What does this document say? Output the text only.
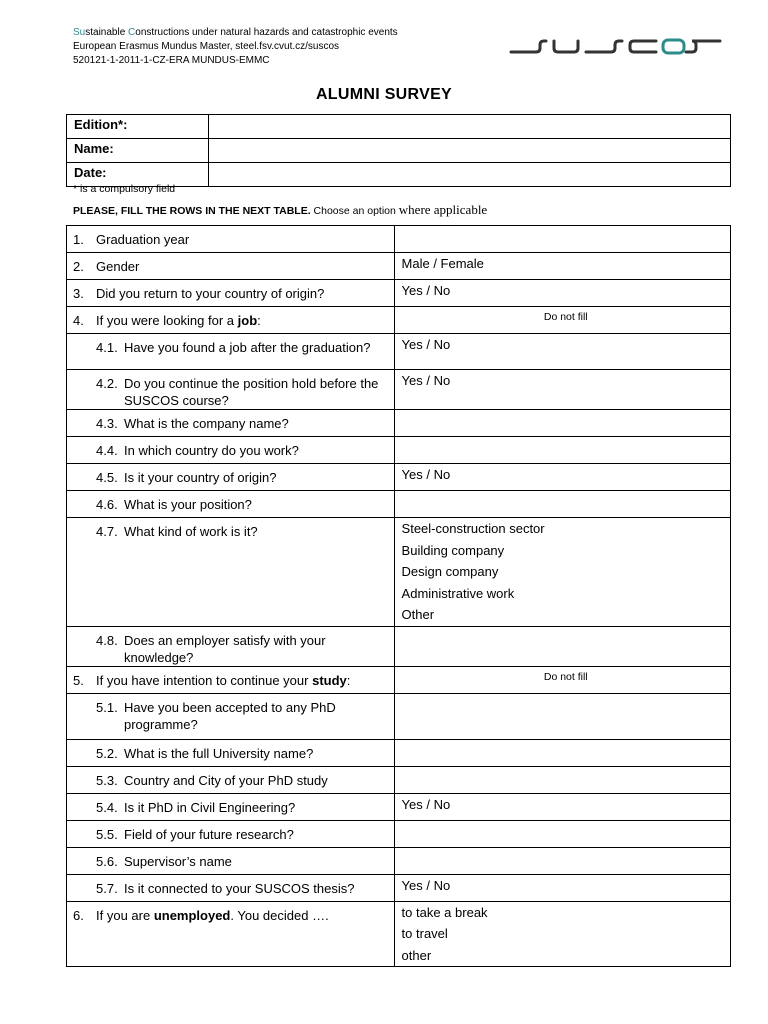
Sustainable Constructions under natural hazards and catastrophic events
European Erasmus Mundus Master, steel.fsv.cvut.cz/suscos
520121-1-2011-1-CZ-ERA MUNDUS-EMMC
ALUMNI SURVEY
Edition*:	
Name:	
Date:	
* is a compulsory field
PLEASE, FILL THE ROWS IN THE NEXT TABLE. Choose an option where applicable
1. Graduation year	

2. Gender	Male / Female

3. Did you return to your country of origin?	Yes / No

4. If you were looking for a job:	Do not fill

4.1. Have you found a job after the graduation?	Yes / No

4.2. Do you continue the position hold before the SUSCOS course?	Yes / No

4.3. What is the company name?	

4.4. In which country do you work?	

4.5. Is it your country of origin?	Yes / No

4.6. What is your position?	

4.7. What kind of work is it?	Steel-construction sector
Building company
Design company
Administrative work
Other

4.8. Does an employer satisfy with your knowledge?	

5. If you have intention to continue your study:	Do not fill

5.1. Have you been accepted to any PhD programme?	

5.2. What is the full University name?	

5.3. Country and City of your PhD study	

5.4. Is it PhD in Civil Engineering?	Yes / No

5.5. Field of your future research?	

5.6. Supervisor’s name	

5.7. Is it connected to your SUSCOS thesis?	Yes / No

6. If you are unemployed. You decided ….	to take a break
to travel
other
